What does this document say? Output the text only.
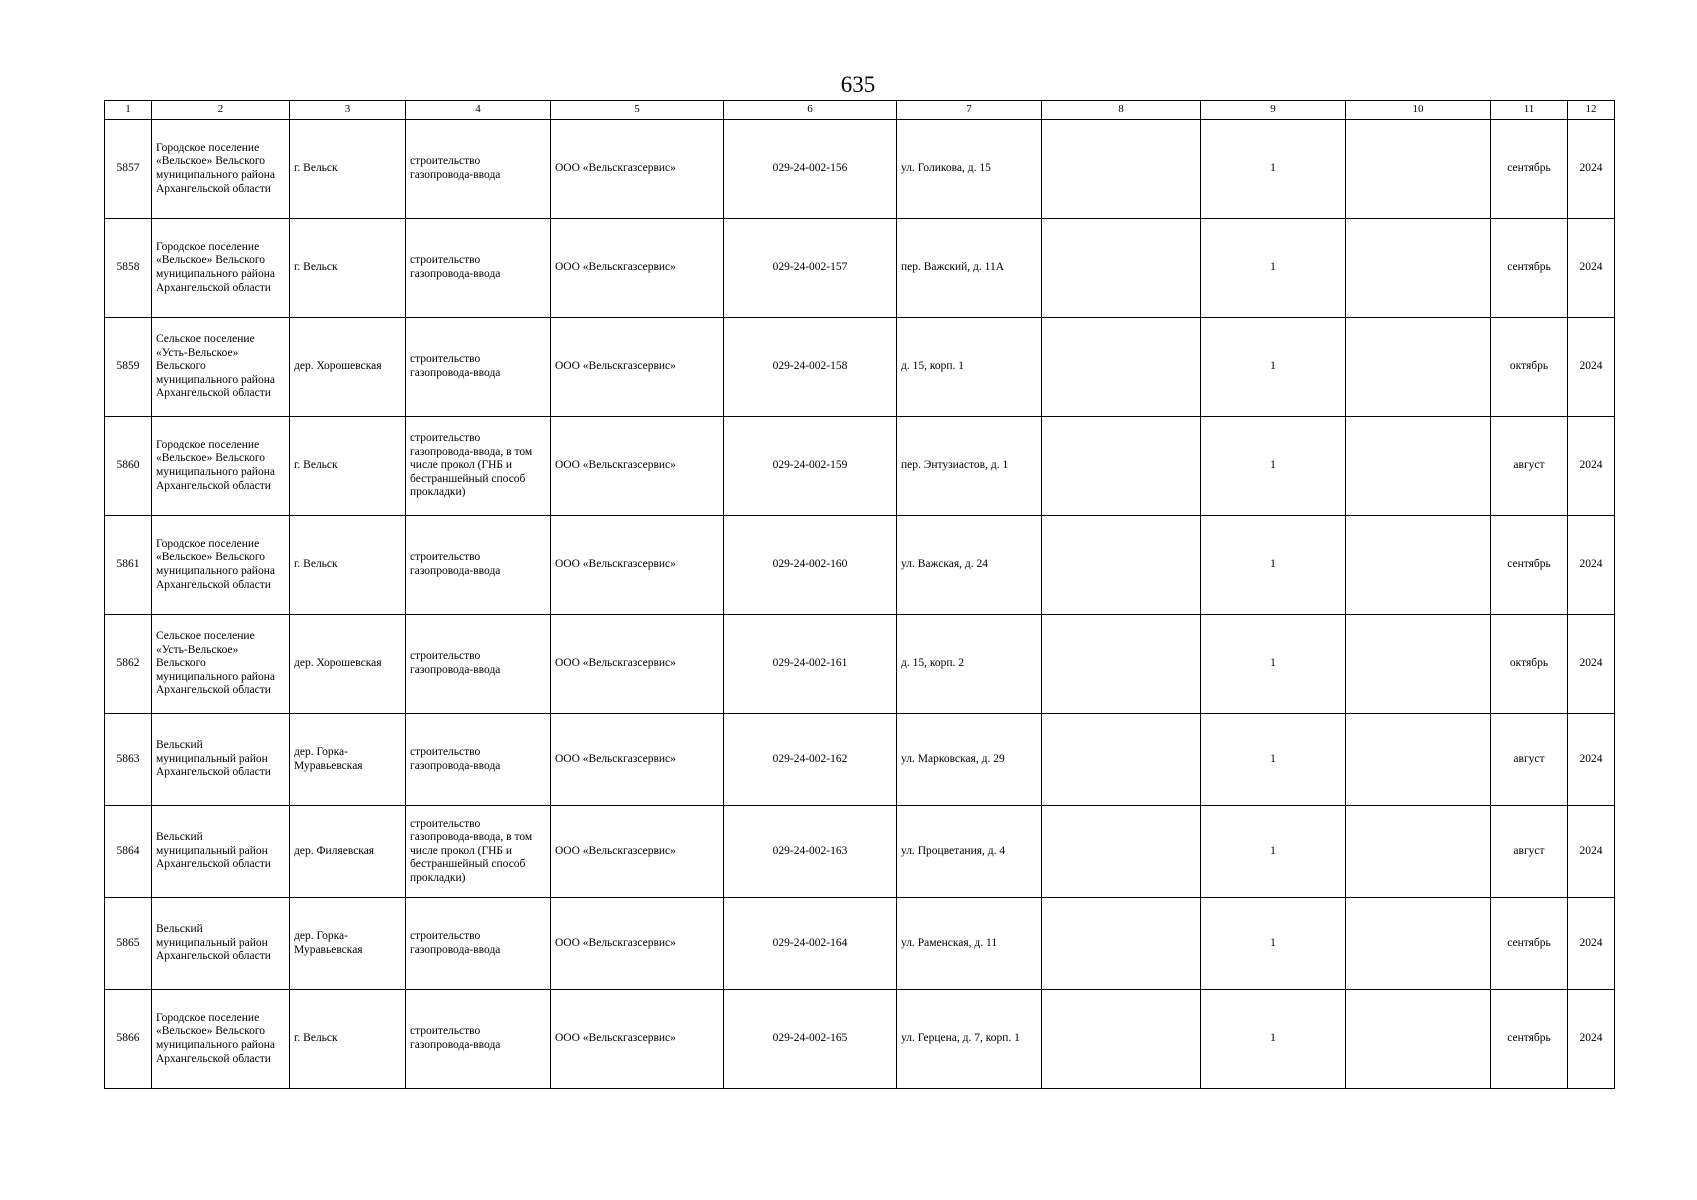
635
1	2	3	4	5	6	7	8	9	10	11	12
5857	Городское поселение «Вельское» Вельского муниципального района Архангельской области	г. Вельск	строительство газопровода-ввода	ООО «Вельскгазсервис»	029-24-002-156	ул. Голикова, д. 15		1		сентябрь	2024
5858	Городское поселение «Вельское» Вельского муниципального района Архангельской области	г. Вельск	строительство газопровода-ввода	ООО «Вельскгазсервис»	029-24-002-157	пер. Важский, д. 11А		1		сентябрь	2024
5859	Сельское поселение «Усть-Вельское» Вельского муниципального района Архангельской области	дер. Хорошевская	строительство газопровода-ввода	ООО «Вельскгазсервис»	029-24-002-158	д. 15, корп. 1		1		октябрь	2024
5860	Городское поселение «Вельское» Вельского муниципального района Архангельской области	г. Вельск	строительство газопровода-ввода, в том числе прокол (ГНБ и бестраншейный способ прокладки)	ООО «Вельскгазсервис»	029-24-002-159	пер. Энтузиастов, д. 1		1		август	2024
5861	Городское поселение «Вельское» Вельского муниципального района Архангельской области	г. Вельск	строительство газопровода-ввода	ООО «Вельскгазсервис»	029-24-002-160	ул. Важская, д. 24		1		сентябрь	2024
5862	Сельское поселение «Усть-Вельское» Вельского муниципального района Архангельской области	дер. Хорошевская	строительство газопровода-ввода	ООО «Вельскгазсервис»	029-24-002-161	д. 15, корп. 2		1		октябрь	2024
5863	Вельский муниципальный район Архангельской области	дер. Горка-Муравьевская	строительство газопровода-ввода	ООО «Вельскгазсервис»	029-24-002-162	ул. Марковская, д. 29		1		август	2024
5864	Вельский муниципальный район Архангельской области	дер. Филяевская	строительство газопровода-ввода, в том числе прокол (ГНБ и бестраншейный способ прокладки)	ООО «Вельскгазсервис»	029-24-002-163	ул. Процветания, д. 4		1		август	2024
5865	Вельский муниципальный район Архангельской области	дер. Горка-Муравьевская	строительство газопровода-ввода	ООО «Вельскгазсервис»	029-24-002-164	ул. Раменская, д. 11		1		сентябрь	2024
5866	Городское поселение «Вельское» Вельского муниципального района Архангельской области	г. Вельск	строительство газопровода-ввода	ООО «Вельскгазсервис»	029-24-002-165	ул. Герцена, д. 7, корп. 1		1		сентябрь	2024
